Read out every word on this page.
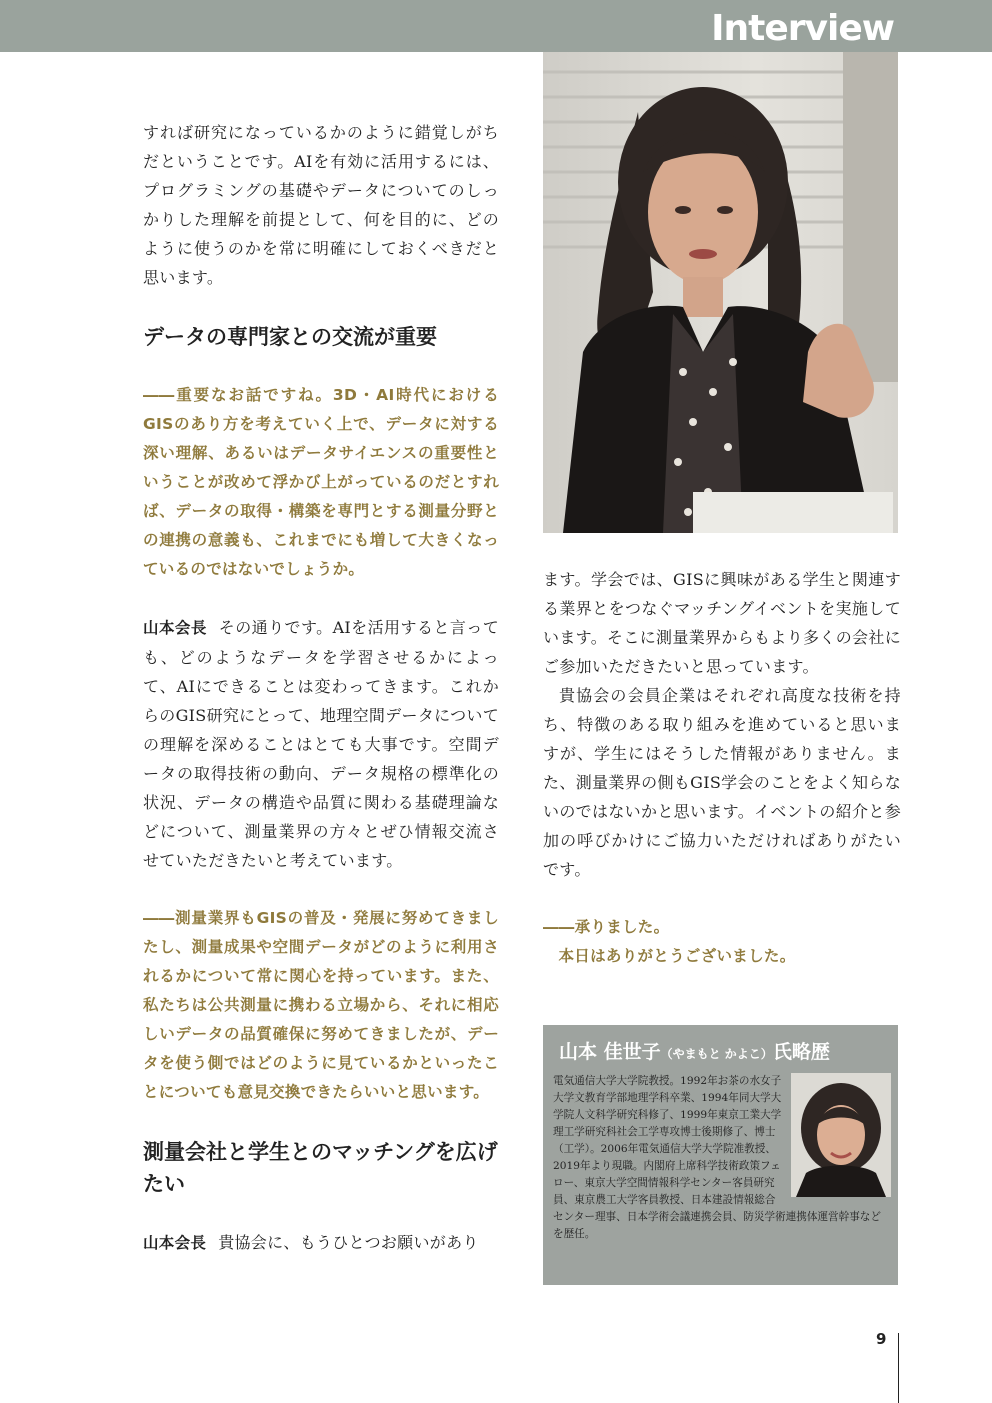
Interview

すれば研究になっているかのように錯覚しがちだということです。AIを有効に活用するには、プログラミングの基礎やデータについてのしっかりした理解を前提として、何を目的に、どのように使うのかを常に明確にしておくべきだと思います。

データの専門家との交流が重要

――重要なお話ですね。3D・AI時代におけるGISのあり方を考えていく上で、データに対する深い理解、あるいはデータサイエンスの重要性ということが改めて浮かび上がっているのだとすれば、データの取得・構築を専門とする測量分野との連携の意義も、これまでにも増して大きくなっているのではないでしょうか。

山本会長 その通りです。AIを活用すると言っても、どのようなデータを学習させるかによって、AIにできることは変わってきます。これからのGIS研究にとって、地理空間データについての理解を深めることはとても大事です。空間データの取得技術の動向、データ規格の標準化の状況、データの構造や品質に関わる基礎理論などについて、測量業界の方々とぜひ情報交流させていただきたいと考えています。

――測量業界もGISの普及・発展に努めてきましたし、測量成果や空間データがどのように利用されるかについて常に関心を持っています。また、私たちは公共測量に携わる立場から、それに相応しいデータの品質確保に努めてきましたが、データを使う側ではどのように見ているかといったことについても意見交換できたらいいと思います。

測量会社と学生とのマッチングを広げたい

山本会長 貴協会に、もうひとつお願いがあり

ます。学会では、GISに興味がある学生と関連する業界とをつなぐマッチングイベントを実施しています。そこに測量業界からもより多くの会社にご参加いただきたいと思っています。

貴協会の会員企業はそれぞれ高度な技術を持ち、特徴のある取り組みを進めていると思いますが、学生にはそうした情報がありません。また、測量業界の側もGIS学会のことをよく知らないのではないかと思います。イベントの紹介と参加の呼びかけにご協力いただければありがたいです。

――承りました。
本日はありがとうございました。

山本 佳世子（やまもと かよこ）氏略歴
電気通信大学大学院教授。1992年お茶の水女子大学文教育学部地理学科卒業、1994年同大学大学院人文科学研究科修了、1999年東京工業大学理工学研究科社会工学専攻博士後期修了、博士（工学）。2006年電気通信大学大学院准教授、2019年より現職。内閣府上席科学技術政策フェロー、東京大学空間情報科学センター客員研究員、東京農工大学客員教授、日本建設情報総合センター理事、日本学術会議連携会員、防災学術連携体運営幹事などを歴任。
9
